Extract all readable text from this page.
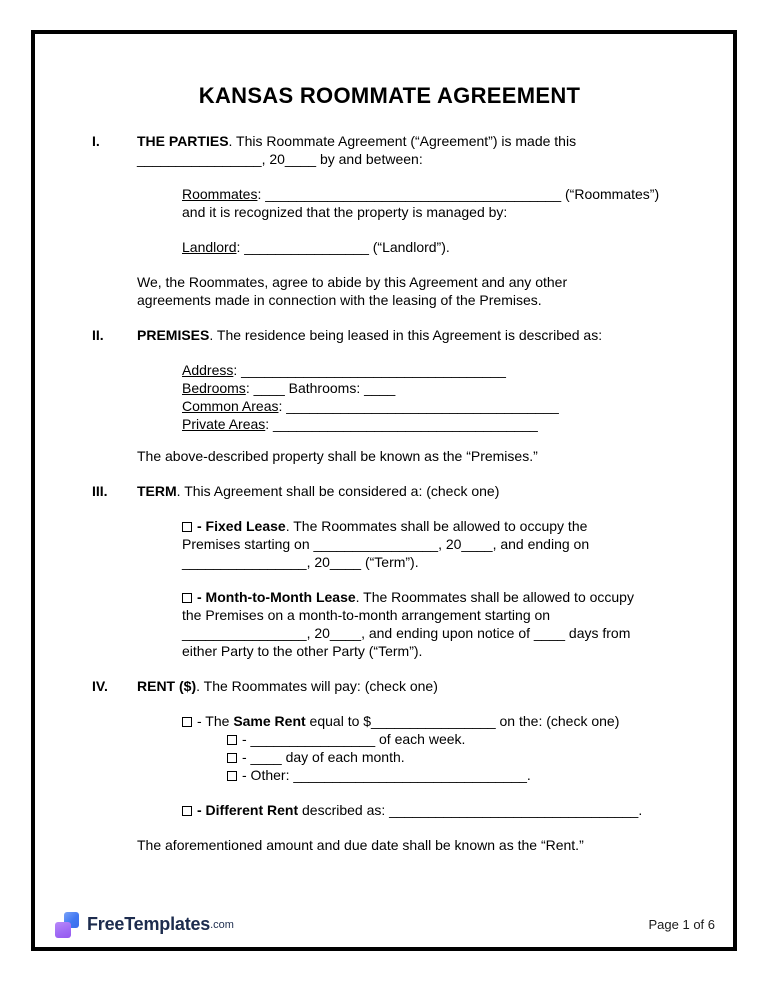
KANSAS ROOMMATE AGREEMENT
I.	THE PARTIES. This Roommate Agreement (“Agreement”) is made this
________________, 20____ by and between:
Roommates: ______________________________________ (“Roommates”)
and it is recognized that the property is managed by:
Landlord: ________________ (“Landlord”).
We, the Roommates, agree to abide by this Agreement and any other
agreements made in connection with the leasing of the Premises.
II.	PREMISES. The residence being leased in this Agreement is described as:
Address: __________________________________
Bedrooms: ____ Bathrooms: ____
Common Areas: ___________________________________
Private Areas: __________________________________
The above-described property shall be known as the “Premises.”
III.	TERM. This Agreement shall be considered a: (check one)
- Fixed Lease. The Roommates shall be allowed to occupy the
Premises starting on ________________, 20____, and ending on
________________, 20____ (“Term”).
- Month-to-Month Lease. The Roommates shall be allowed to occupy
the Premises on a month-to-month arrangement starting on
________________, 20____, and ending upon notice of ____ days from
either Party to the other Party (“Term”).
IV.	RENT ($). The Roommates will pay: (check one)
- The Same Rent equal to $________________ on the: (check one)
- ________________ of each week.
- ____ day of each month.
- Other: ______________________________.
- Different Rent described as: ________________________________.
The aforementioned amount and due date shall be known as the “Rent.”
FreeTemplates .com	Page 1 of 6
